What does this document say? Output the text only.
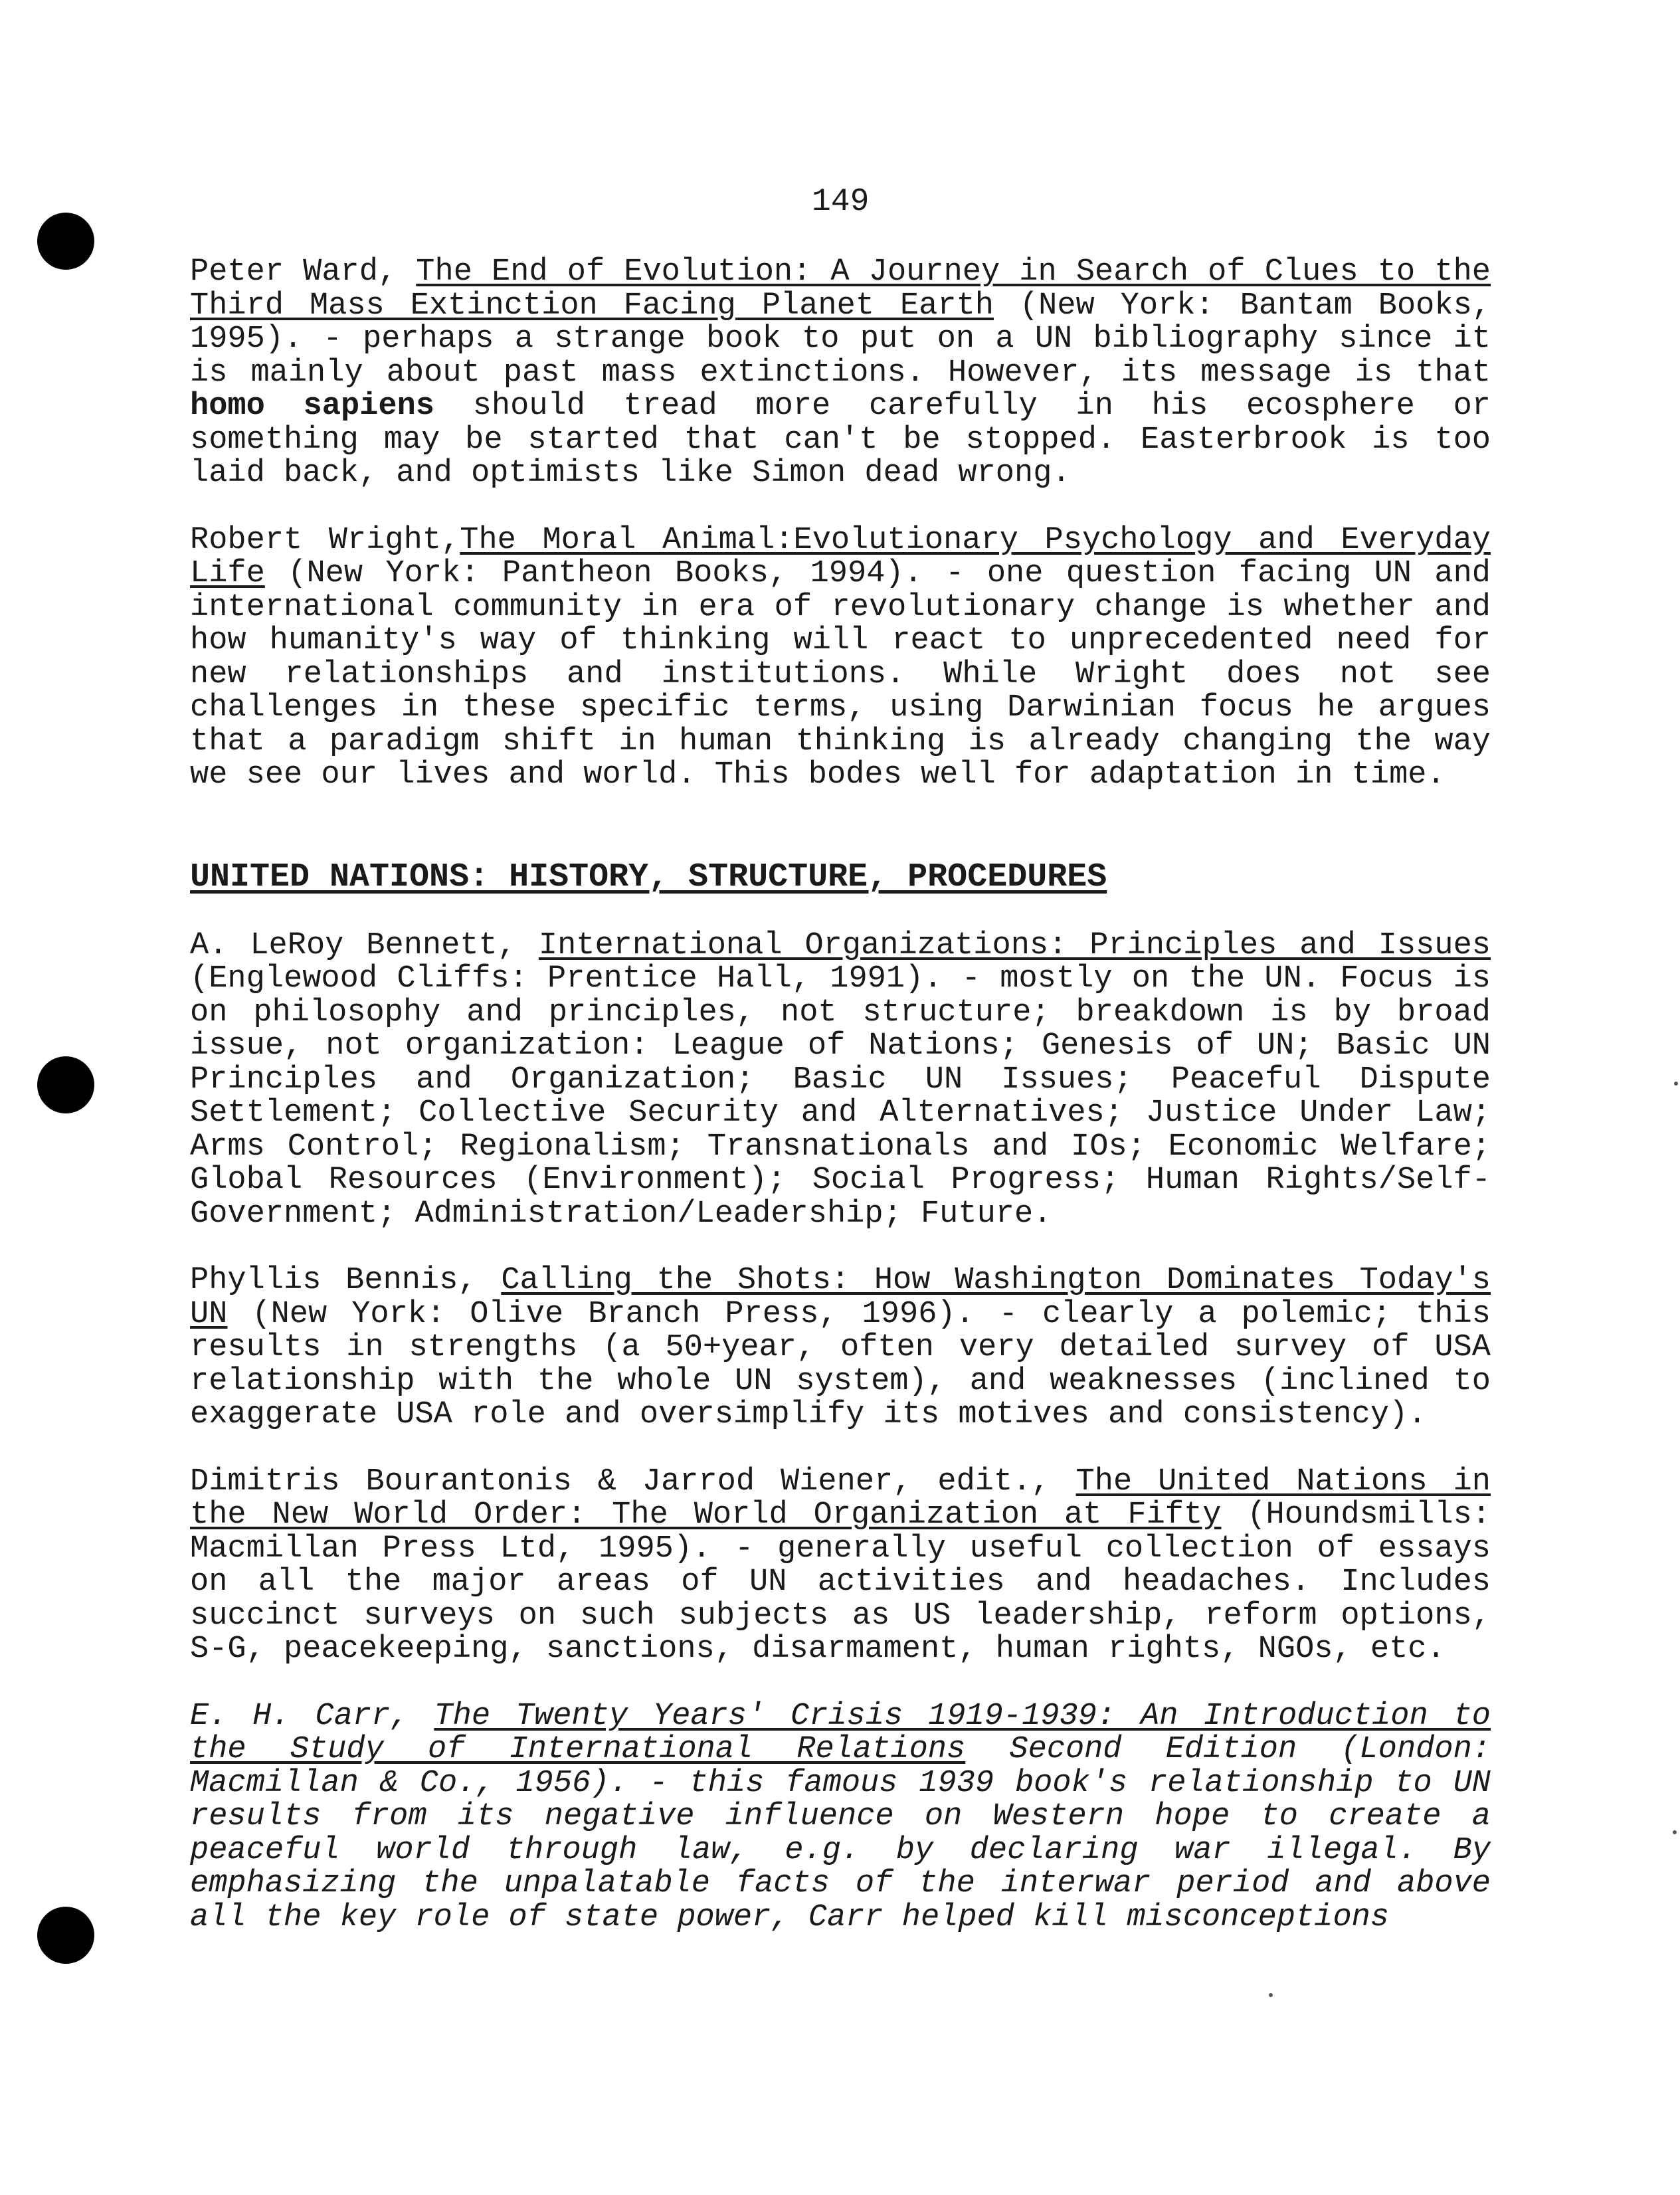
149

Peter Ward, The End of Evolution: A Journey in Search of Clues to the Third Mass Extinction Facing Planet Earth (New York: Bantam Books, 1995). - perhaps a strange book to put on a UN bibliography since it is mainly about past mass extinctions. However, its message is that homo sapiens should tread more carefully in his ecosphere or something may be started that can't be stopped. Easterbrook is too laid back, and optimists like Simon dead wrong.

Robert Wright,The Moral Animal:Evolutionary Psychology and Everyday Life (New York: Pantheon Books, 1994). - one question facing UN and international community in era of revolutionary change is whether and how humanity's way of thinking will react to unprecedented need for new relationships and institutions. While Wright does not see challenges in these specific terms, using Darwinian focus he argues that a paradigm shift in human thinking is already changing the way we see our lives and world. This bodes well for adaptation in time.

UNITED NATIONS: HISTORY, STRUCTURE, PROCEDURES

A. LeRoy Bennett, International Organizations: Principles and Issues (Englewood Cliffs: Prentice Hall, 1991). - mostly on the UN. Focus is on philosophy and principles, not structure; breakdown is by broad issue, not organization: League of Nations; Genesis of UN; Basic UN Principles and Organization; Basic UN Issues; Peaceful Dispute Settlement; Collective Security and Alternatives; Justice Under Law; Arms Control; Regionalism; Transnationals and IOs; Economic Welfare; Global Resources (Environment); Social Progress; Human Rights/Self-Government; Administration/Leadership; Future.

Phyllis Bennis, Calling the Shots: How Washington Dominates Today's UN (New York: Olive Branch Press, 1996). - clearly a polemic; this results in strengths (a 50+year, often very detailed survey of USA relationship with the whole UN system), and weaknesses (inclined to exaggerate USA role and oversimplify its motives and consistency).

Dimitris Bourantonis & Jarrod Wiener, edit., The United Nations in the New World Order: The World Organization at Fifty (Houndsmills: Macmillan Press Ltd, 1995). - generally useful collection of essays on all the major areas of UN activities and headaches. Includes succinct surveys on such subjects as US leadership, reform options, S-G, peacekeeping, sanctions, disarmament, human rights, NGOs, etc.

E. H. Carr, The Twenty Years' Crisis 1919-1939: An Introduction to the Study of International Relations Second Edition (London: Macmillan & Co., 1956). - this famous 1939 book's relationship to UN results from its negative influence on Western hope to create a peaceful world through law, e.g. by declaring war illegal. By emphasizing the unpalatable facts of the interwar period and above all the key role of state power, Carr helped kill misconceptions
